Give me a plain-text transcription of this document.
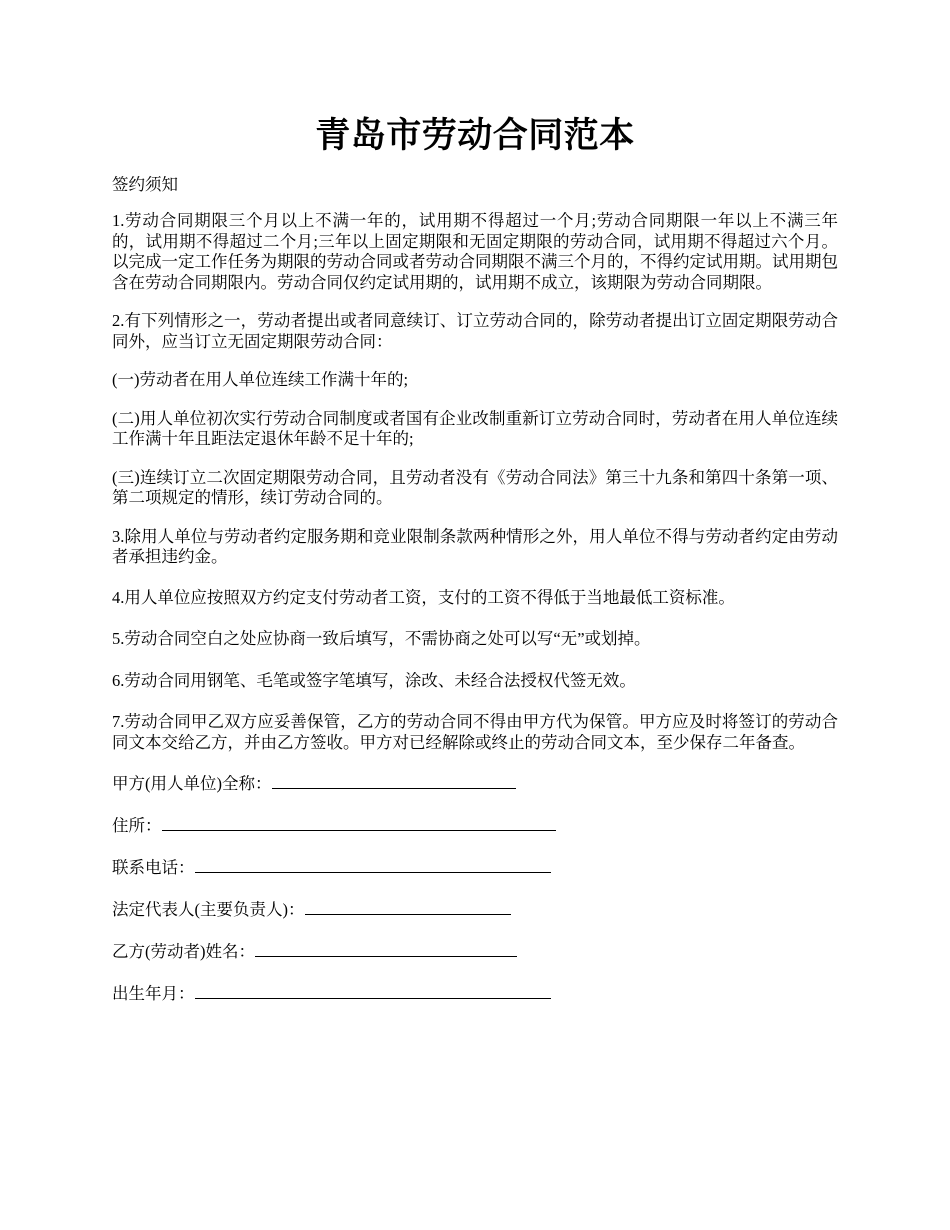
青岛市劳动合同范本

签约须知

1.劳动合同期限三个月以上不满一年的，试用期不得超过一个月;劳动合同期限一年以上不满三年的，试用期不得超过二个月;三年以上固定期限和无固定期限的劳动合同，试用期不得超过六个月。以完成一定工作任务为期限的劳动合同或者劳动合同期限不满三个月的，不得约定试用期。试用期包含在劳动合同期限内。劳动合同仅约定试用期的，试用期不成立，该期限为劳动合同期限。

2.有下列情形之一，劳动者提出或者同意续订、订立劳动合同的，除劳动者提出订立固定期限劳动合同外，应当订立无固定期限劳动合同：

(一)劳动者在用人单位连续工作满十年的;

(二)用人单位初次实行劳动合同制度或者国有企业改制重新订立劳动合同时，劳动者在用人单位连续工作满十年且距法定退休年龄不足十年的;

(三)连续订立二次固定期限劳动合同，且劳动者没有《劳动合同法》第三十九条和第四十条第一项、第二项规定的情形，续订劳动合同的。

3.除用人单位与劳动者约定服务期和竞业限制条款两种情形之外，用人单位不得与劳动者约定由劳动者承担违约金。

4.用人单位应按照双方约定支付劳动者工资，支付的工资不得低于当地最低工资标准。

5.劳动合同空白之处应协商一致后填写，不需协商之处可以写“无”或划掉。

6.劳动合同用钢笔、毛笔或签字笔填写，涂改、未经合法授权代签无效。

7.劳动合同甲乙双方应妥善保管，乙方的劳动合同不得由甲方代为保管。甲方应及时将签订的劳动合同文本交给乙方，并由乙方签收。甲方对已经解除或终止的劳动合同文本，至少保存二年备查。

甲方(用人单位)全称：

住所：

联系电话：

法定代表人(主要负责人)：

乙方(劳动者)姓名：

出生年月：
